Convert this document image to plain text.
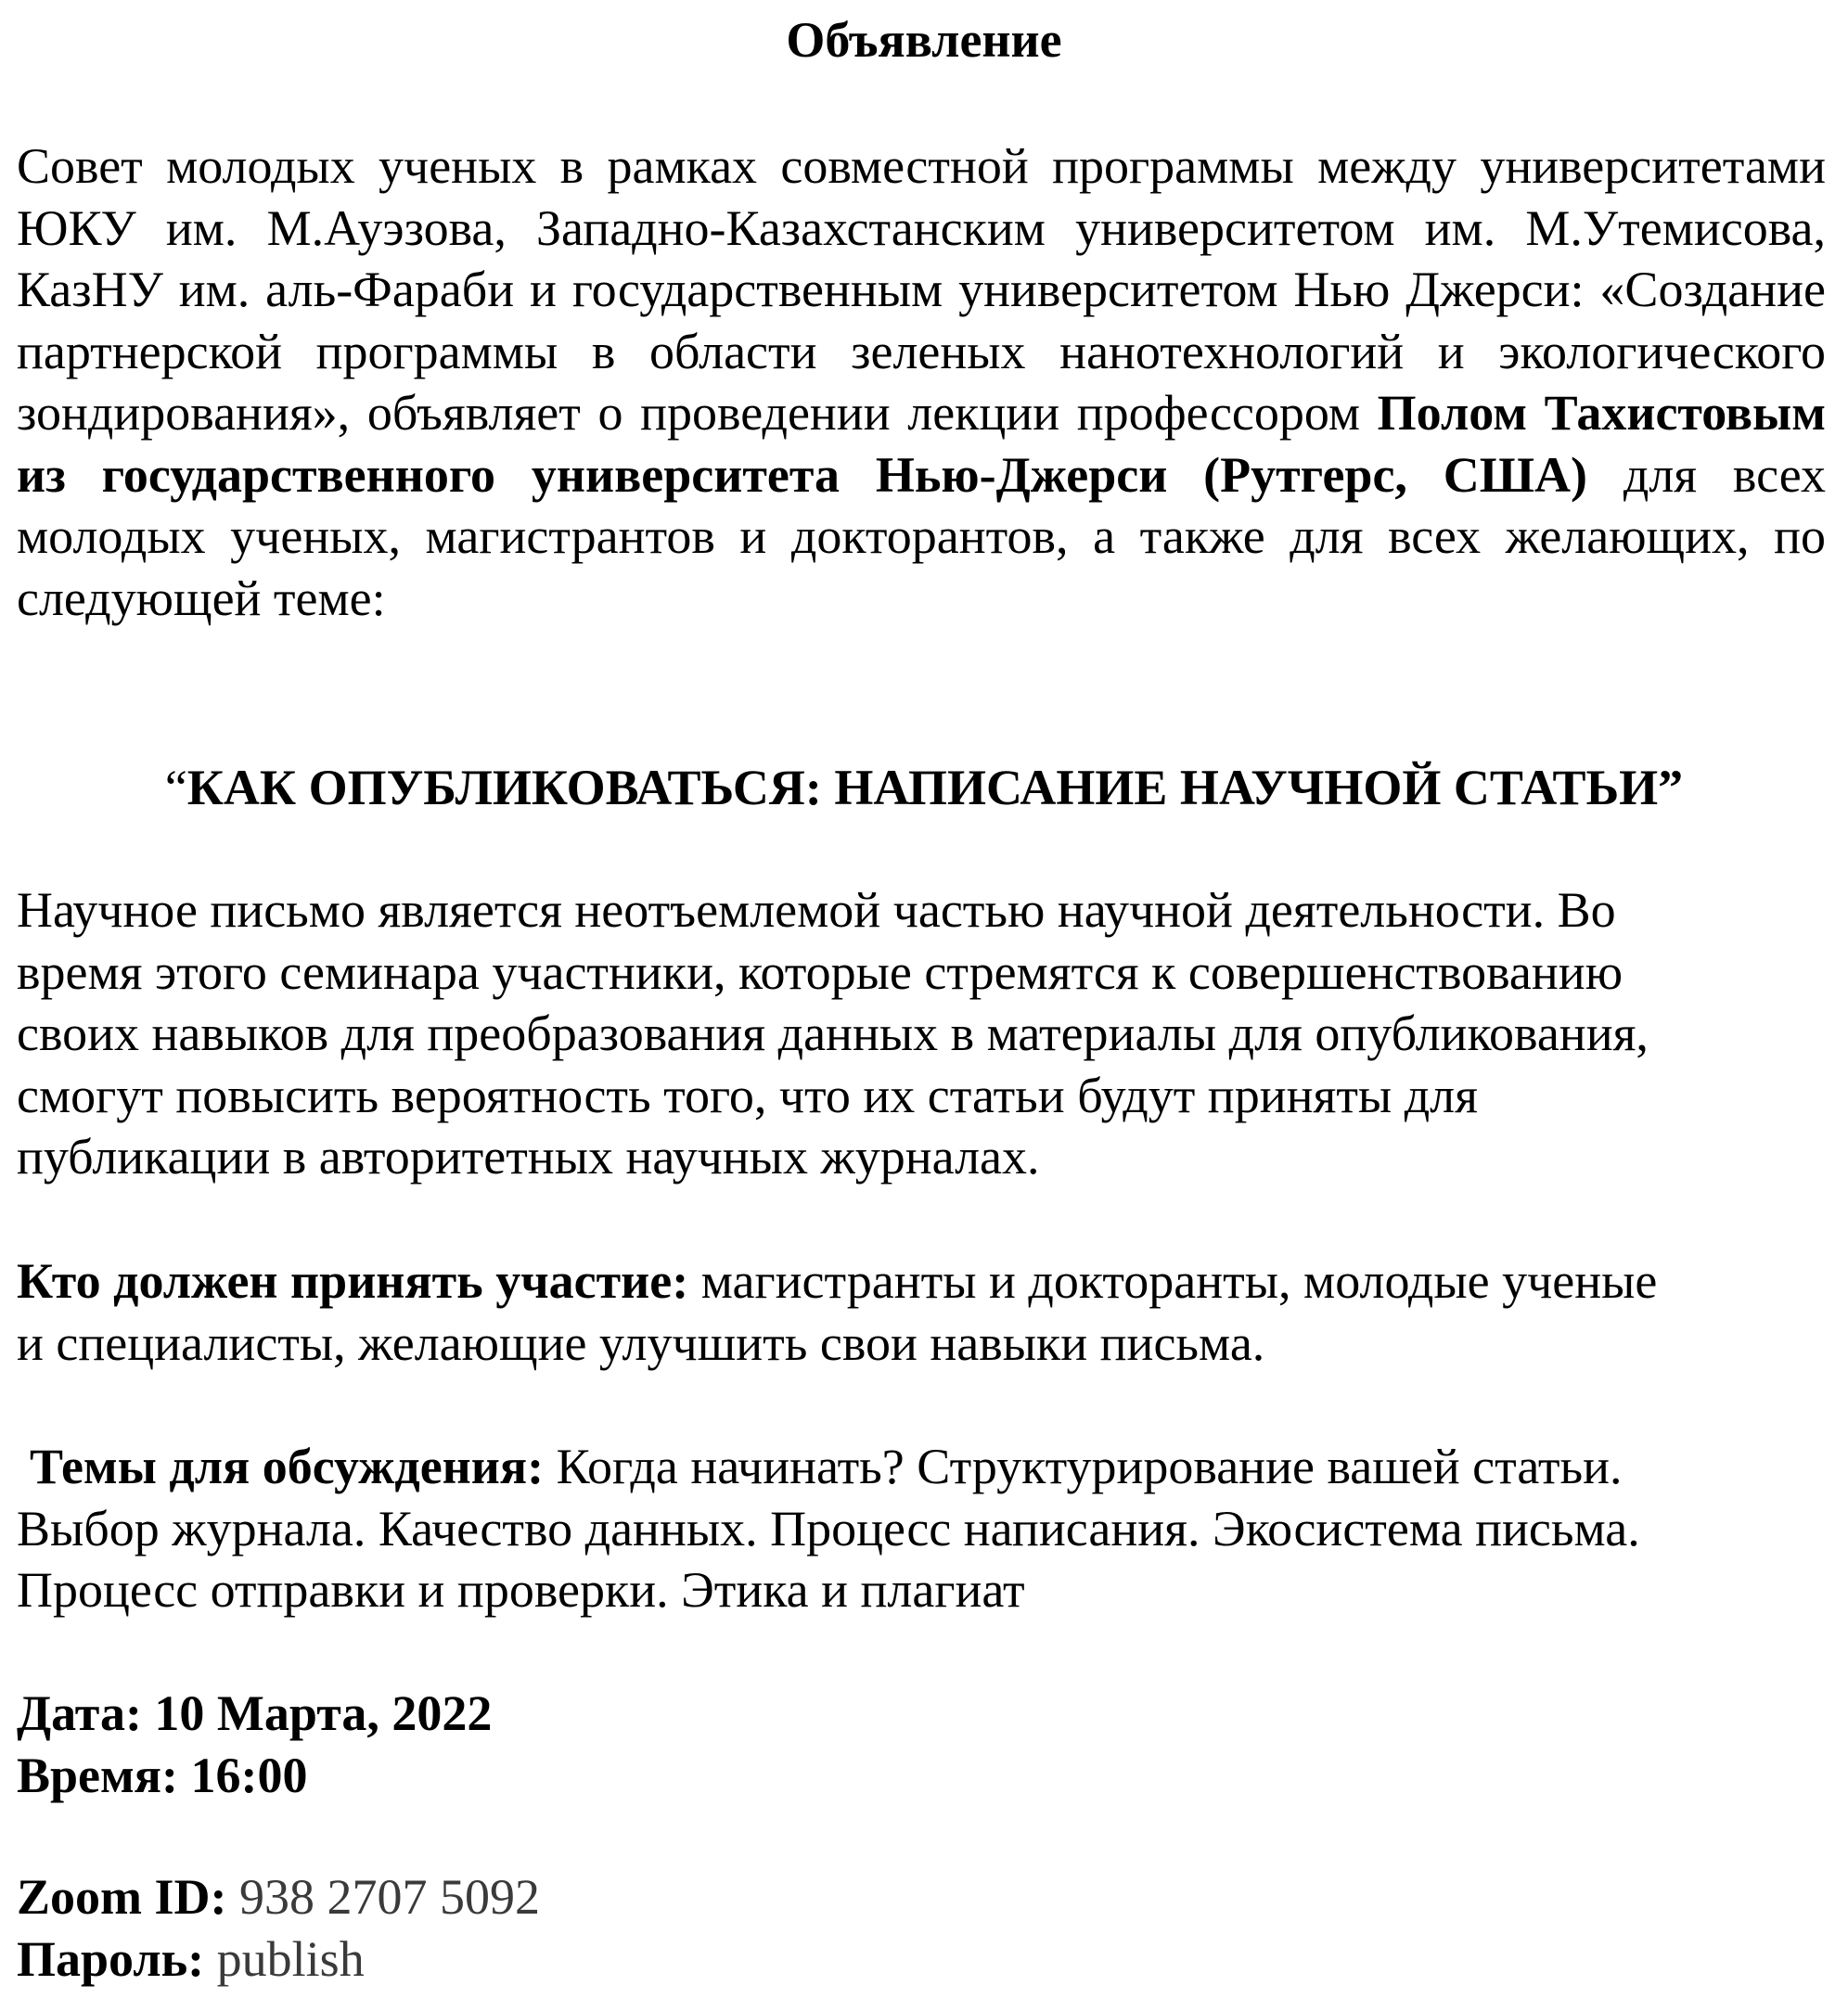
Объявление

Совет молодых ученых в рамках совместной программы между университетами ЮКУ им. М.Ауэзова, Западно-Казахстанским университетом им. М.Утемисова, КазНУ им. аль-Фараби и государственным университетом Нью Джерси: «Создание партнерской программы в области зеленых нанотехнологий и экологического зондирования», объявляет о проведении лекции профессором Полом Тахистовым из государственного университета Нью-Джерси (Рутгерс, США) для всех молодых ученых, магистрантов и докторантов, а также для всех желающих, по следующей теме:

“КАК ОПУБЛИКОВАТЬСЯ: НАПИСАНИЕ НАУЧНОЙ СТАТЬИ”

Научное письмо является неотъемлемой частью научной деятельности. Во
время этого семинара участники, которые стремятся к совершенствованию
своих навыков для преобразования данных в материалы для опубликования,
смогут повысить вероятность того, что их статьи будут приняты для
публикации в авторитетных научных журналах.

Кто должен принять участие: магистранты и докторанты, молодые ученые
и специалисты, желающие улучшить свои навыки письма.

Темы для обсуждения: Когда начинать? Структурирование вашей статьи.
Выбор журнала. Качество данных. Процесс написания. Экосистема письма.
Процесс отправки и проверки. Этика и плагиат

Дата: 10 Марта, 2022
Время: 16:00

Zoom ID: 938 2707 5092
Пароль: publish
